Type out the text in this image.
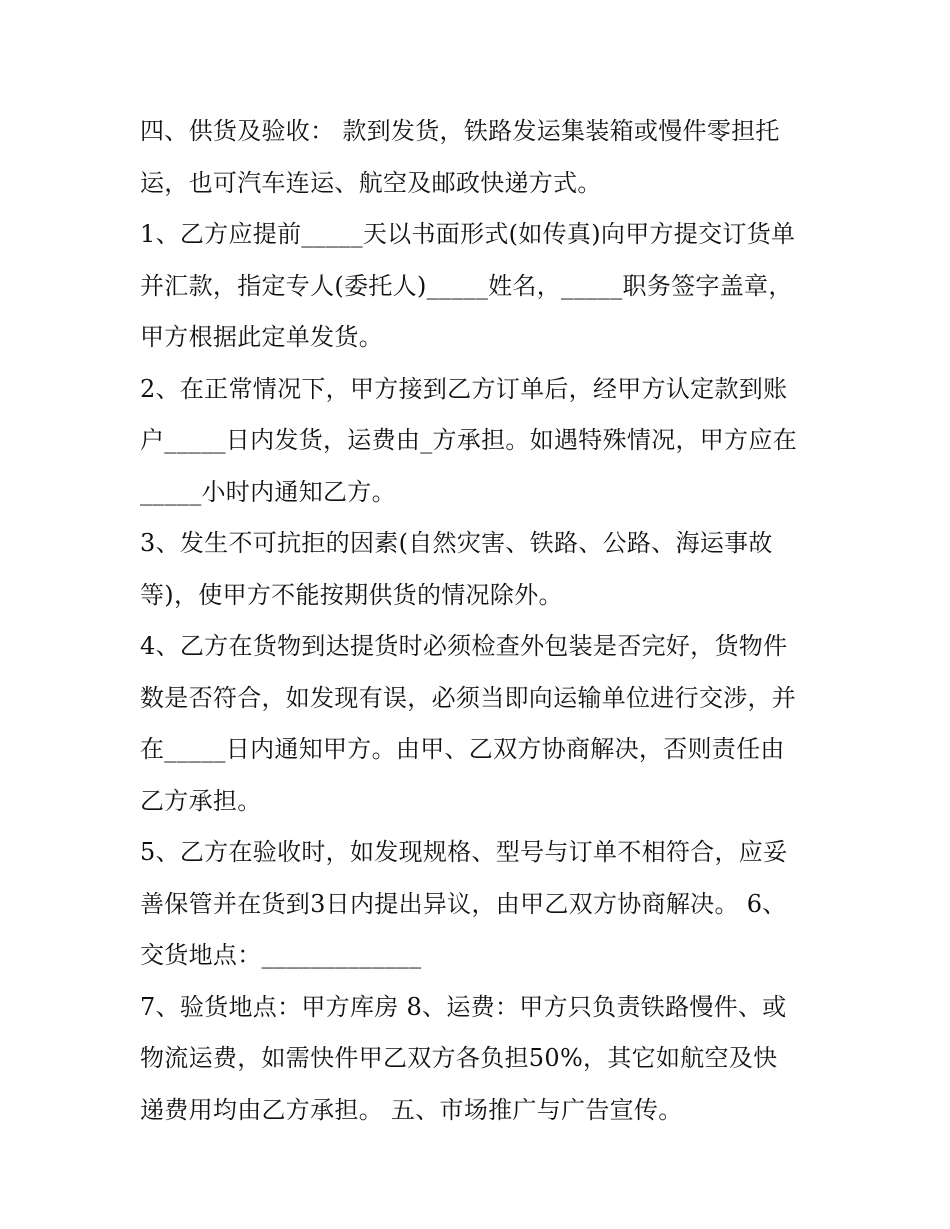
四、供货及验收： 款到发货，铁路发运集装箱或慢件零担托
运，也可汽车连运、航空及邮政快递方式。
1、乙方应提前_____天以书面形式(如传真)向甲方提交订货单
并汇款，指定专人(委托人)_____姓名，_____职务签字盖章，
甲方根据此定单发货。
2、在正常情况下，甲方接到乙方订单后，经甲方认定款到账
户_____日内发货，运费由_方承担。如遇特殊情况，甲方应在
_____小时内通知乙方。
3、发生不可抗拒的因素(自然灾害、铁路、公路、海运事故
等)，使甲方不能按期供货的情况除外。
4、乙方在货物到达提货时必须检查外包装是否完好，货物件
数是否符合，如发现有误，必须当即向运输单位进行交涉，并
在_____日内通知甲方。由甲、乙双方协商解决，否则责任由
乙方承担。
5、乙方在验收时，如发现规格、型号与订单不相符合，应妥
善保管并在货到3日内提出异议，由甲乙双方协商解决。 6、
交货地点：_____________
7、验货地点：甲方库房 8、运费：甲方只负责铁路慢件、或
物流运费，如需快件甲乙双方各负担50%，其它如航空及快
递费用均由乙方承担。 五、市场推广与广告宣传。
